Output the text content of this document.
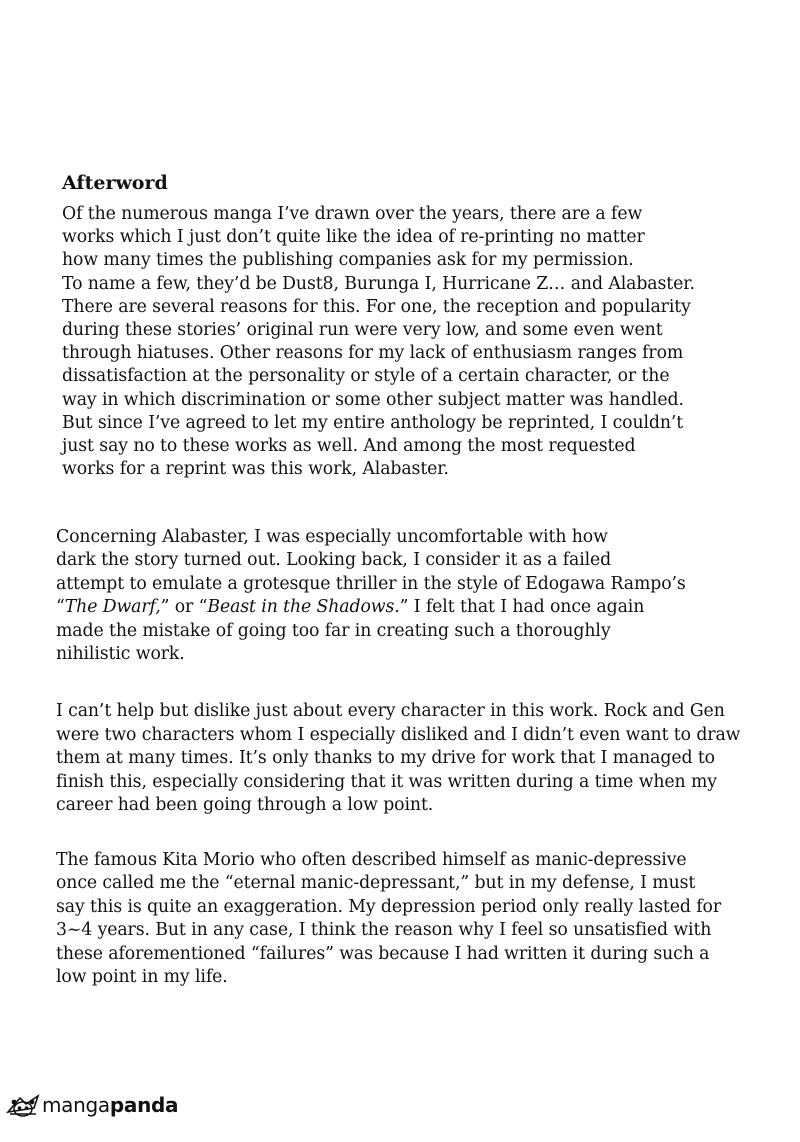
Afterword

Of the numerous manga I’ve drawn over the years, there are a few
works which I just don’t quite like the idea of re-printing no matter
how many times the publishing companies ask for my permission.
To name a few, they’d be Dust8, Burunga I, Hurricane Z… and Alabaster.
There are several reasons for this. For one, the reception and popularity
during these stories’ original run were very low, and some even went
through hiatuses. Other reasons for my lack of enthusiasm ranges from
dissatisfaction at the personality or style of a certain character, or the
way in which discrimination or some other subject matter was handled.
But since I’ve agreed to let my entire anthology be reprinted, I couldn’t
just say no to these works as well. And among the most requested
works for a reprint was this work, Alabaster.

Concerning Alabaster, I was especially uncomfortable with how
dark the story turned out. Looking back, I consider it as a failed
attempt to emulate a grotesque thriller in the style of Edogawa Rampo’s
“The Dwarf,” or “Beast in the Shadows.” I felt that I had once again
made the mistake of going too far in creating such a thoroughly
nihilistic work.

I can’t help but dislike just about every character in this work. Rock and Gen
were two characters whom I especially disliked and I didn’t even want to draw
them at many times. It’s only thanks to my drive for work that I managed to
finish this, especially considering that it was written during a time when my
career had been going through a low point.

The famous Kita Morio who often described himself as manic-depressive
once called me the “eternal manic-depressant,” but in my defense, I must
say this is quite an exaggeration. My depression period only really lasted for
3~4 years. But in any case, I think the reason why I feel so unsatisfied with
these aforementioned “failures” was because I had written it during such a
low point in my life.

mangapanda
